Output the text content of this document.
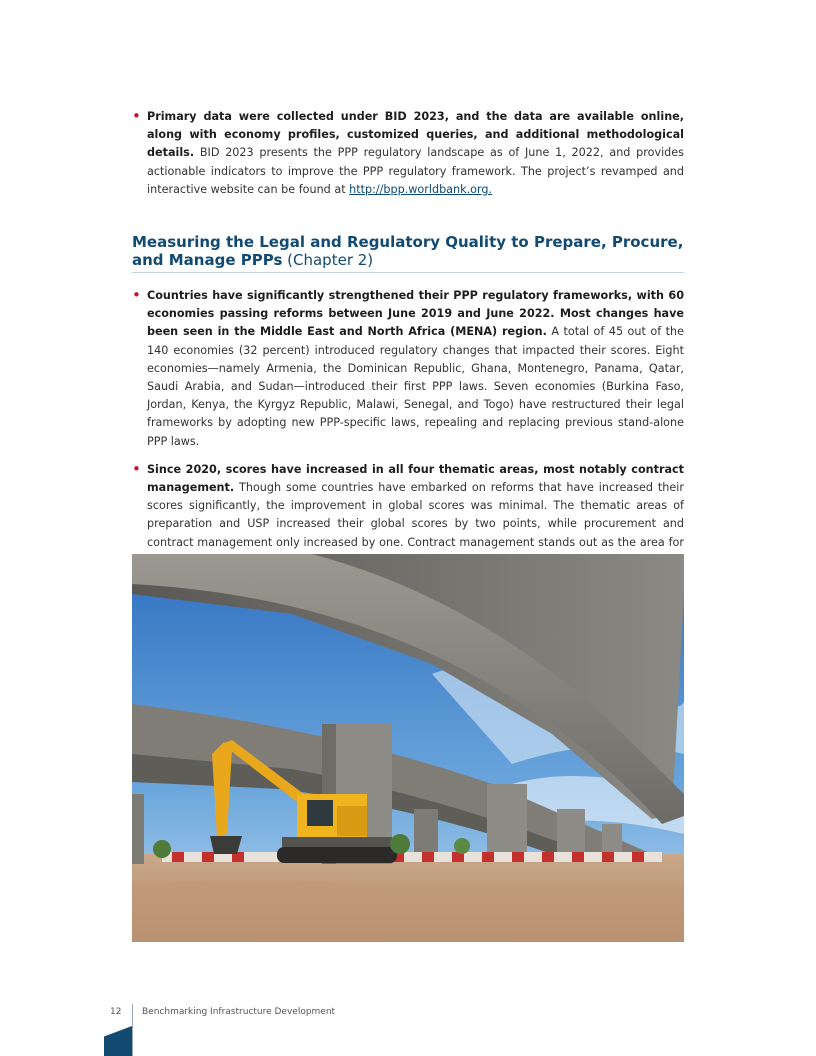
• Primary data were collected under BID 2023, and the data are available online, along with economy profiles, customized queries, and additional methodological details. BID 2023 presents the PPP regulatory landscape as of June 1, 2022, and provides actionable indicators to improve the PPP regulatory framework. The project’s revamped and interactive website can be found at http://bpp.worldbank.org.

Measuring the Legal and Regulatory Quality to Prepare, Procure, and Manage PPPs (Chapter 2)

• Countries have significantly strengthened their PPP regulatory frameworks, with 60 economies passing reforms between June 2019 and June 2022. Most changes have been seen in the Middle East and North Africa (MENA) region. A total of 45 out of the 140 economies (32 percent) introduced regulatory changes that impacted their scores. Eight economies—namely Armenia, the Dominican Republic, Ghana, Montenegro, Panama, Qatar, Saudi Arabia, and Sudan—introduced their first PPP laws. Seven economies (Burkina Faso, Jordan, Kenya, the Kyrgyz Republic, Malawi, Senegal, and Togo) have restructured their legal frameworks by adopting new PPP-specific laws, repealing and replacing previous stand-alone PPP laws.

• Since 2020, scores have increased in all four thematic areas, most notably contract management. Though some countries have embarked on reforms that have increased their scores significantly, the improvement in global scores was minimal. The thematic areas of preparation and USP increased their global scores by two points, while procurement and contract management only increased by one. Contract management stands out as the area for

12 Benchmarking Infrastructure Development
